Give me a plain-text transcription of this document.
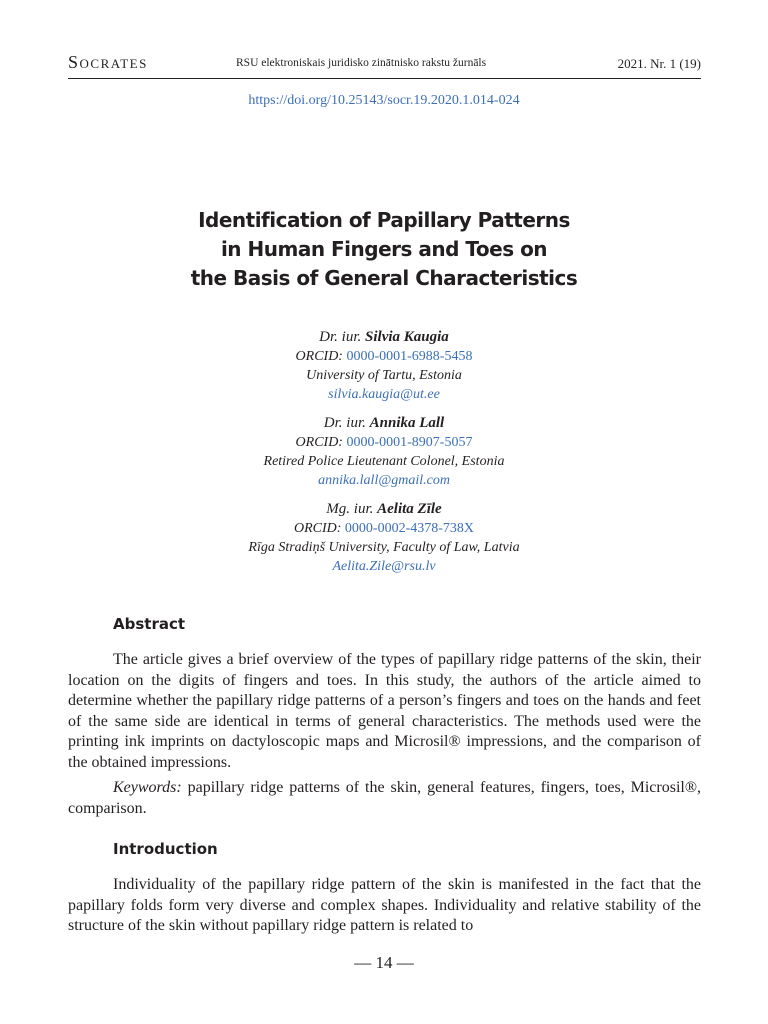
Socrates	RSU elektroniskais juridisko zinātnisko rakstu žurnāls	2021. Nr. 1 (19)
https://doi.org/10.25143/socr.19.2020.1.014-024
Identification of Papillary Patterns
in Human Fingers and Toes on
the Basis of General Characteristics
Dr. iur. Silvia Kaugia
ORCID: 0000-0001-6988-5458
University of Tartu, Estonia
silvia.kaugia@ut.ee
Dr. iur. Annika Lall
ORCID: 0000-0001-8907-5057
Retired Police Lieutenant Colonel, Estonia
annika.lall@gmail.com
Mg. iur. Aelita Zīle
ORCID: 0000-0002-4378-738X
Rīga Stradiņš University, Faculty of Law, Latvia
Aelita.Zile@rsu.lv
Abstract

The article gives a brief overview of the types of papillary ridge patterns of the skin, their location on the digits of fingers and toes. In this study, the authors of the article aimed to determine whether the papillary ridge patterns of a person’s fingers and toes on the hands and feet of the same side are identical in terms of general characteristics. The methods used were the printing ink imprints on dactyloscopic maps and Microsil® impressions, and the comparison of the obtained impressions.

Keywords: papillary ridge patterns of the skin, general features, fingers, toes, Microsil®, comparison.

Introduction

Individuality of the papillary ridge pattern of the skin is manifested in the fact that the papillary folds form very diverse and complex shapes. Individuality and relative stability of the structure of the skin without papillary ridge pattern is related to

— 14 —
